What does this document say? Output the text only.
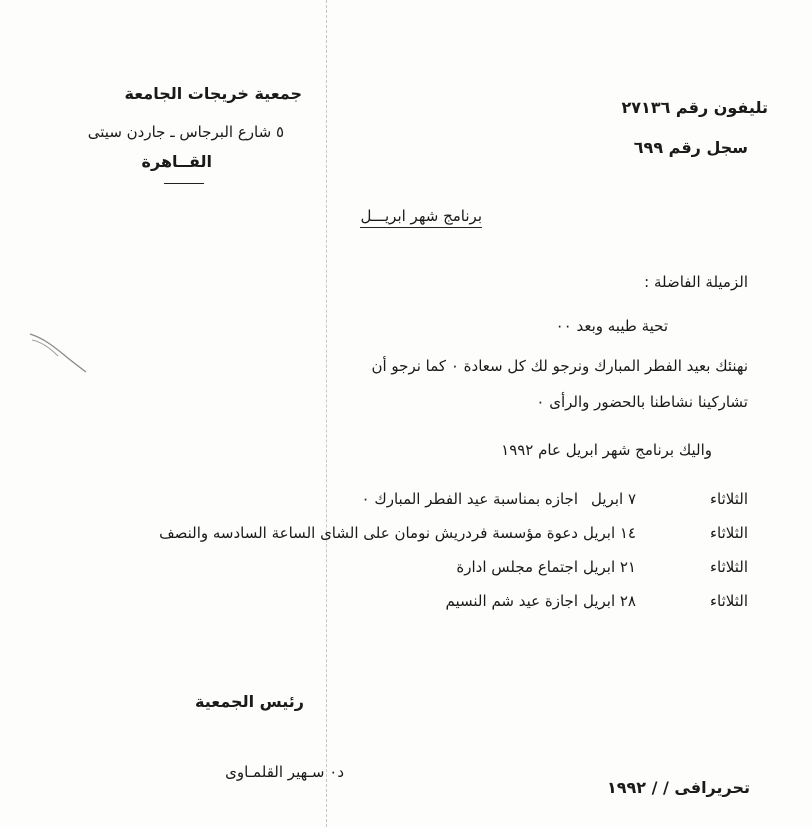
جمعية خريجات الجامعة
٥ شارع البرجاس ـ جاردن سيتى
القــاهرة
تليفون رقم ٢٧١٣٦
سجل رقم ٦٩٩
برنامج شهر ابريـــل
الزميلة الفاضلة :
تحية طيبه وبعد ٠٠
نهنئك بعيد الفطر المبارك ونرجو لك كل سعادة ٠ كما نرجو أن
تشاركينا نشاطنا بالحضور والرأى ٠
واليك برنامج شهر ابريل عام ١٩٩٢
الثلاثاء
٧ ابريل
اجازه بمناسبة عيد الفطر المبارك ٠
الثلاثاء
١٤ ابريل
دعوة مؤسسة فردريش نومان على الشاى الساعة السادسه والنصف
الثلاثاء
٢١ ابريل
اجتماع مجلس ادارة
الثلاثاء
٢٨ ابريل
اجازة عيد شم النسيم
رئيس الجمعية
د٠ سـهير القلمـاوى
تحريرافى / / ١٩٩٢
